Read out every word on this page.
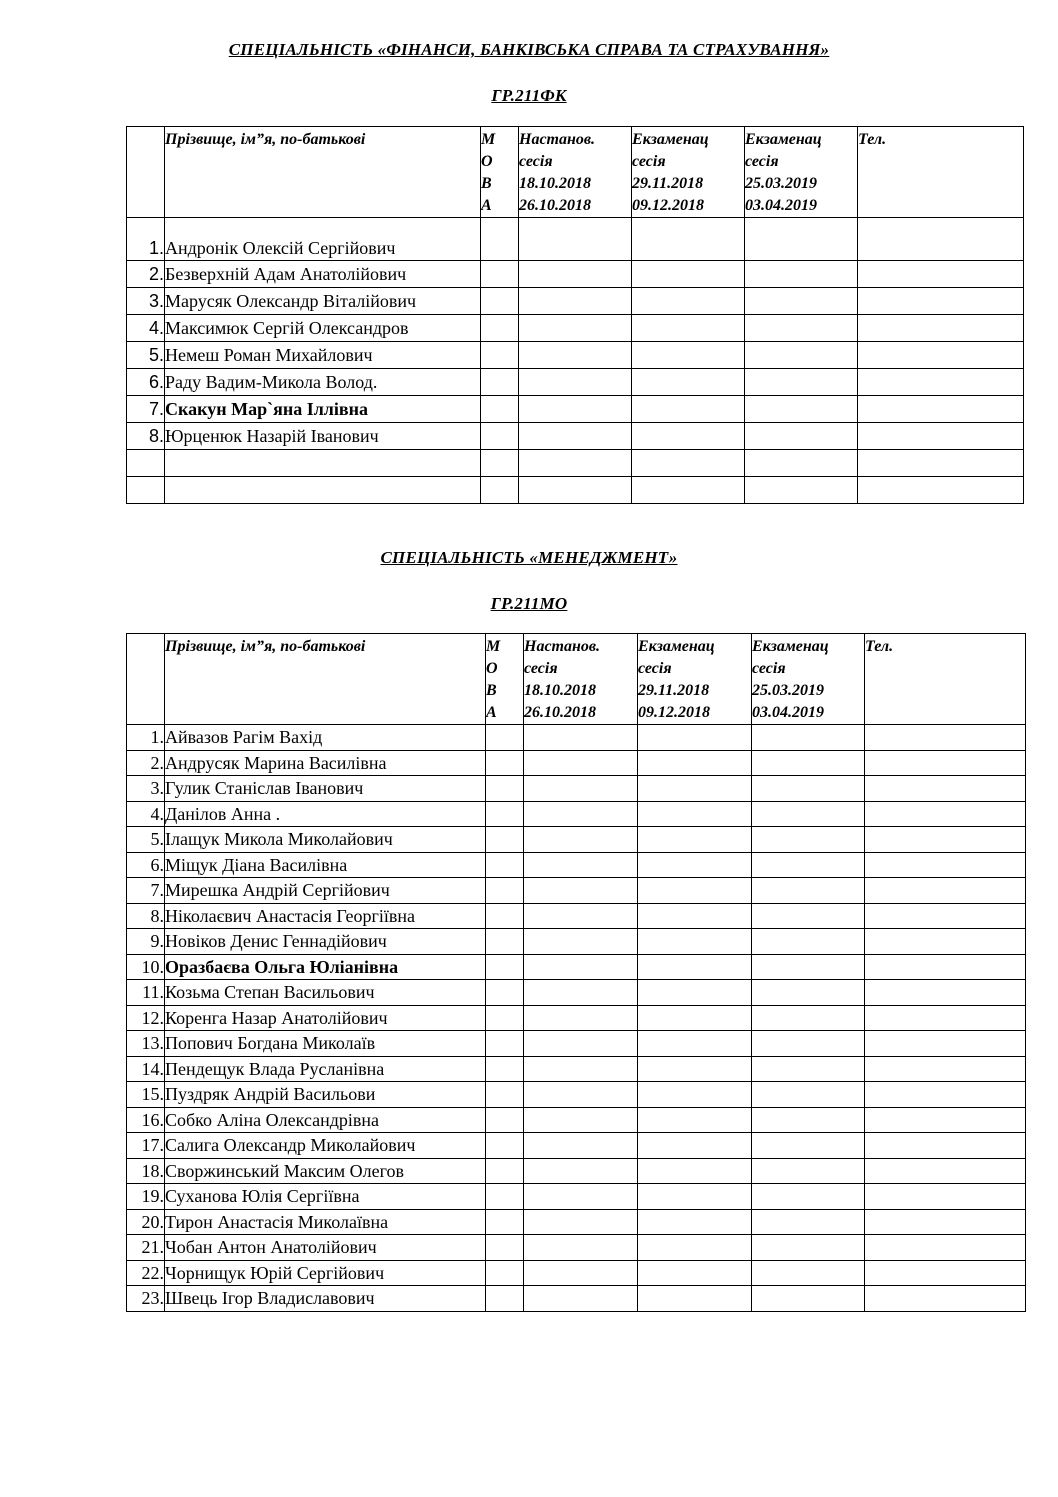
СПЕЦІАЛЬНІСТЬ «ФІНАНСИ, БАНКІВСЬКА СПРАВА ТА СТРАХУВАННЯ»
ГР.211ФК
	Прізвище, ім”я, по-батькові	М
О
В
А	Настанов.
сесія
18.10.2018
26.10.2018	Екзаменац
сесія
29.11.2018
09.12.2018	Екзаменац
сесія
25.03.2019
03.04.2019	Тел.
1.	Андронік Олексій Сергійович					
2.	Безверхній Адам Анатолійович					
3.	Марусяк Олександр Віталійович					
4.	Максимюк Сергій Олександров					
5.	Немеш Роман Михайлович					
6.	Раду Вадим-Микола Волод.					
7.	Скакун Мар`яна Іллівна					
8.	Юрценюк Назарій Іванович					

СПЕЦІАЛЬНІСТЬ «МЕНЕДЖМЕНТ»
ГР.211МО
	Прізвище, ім”я, по-батькові	М
О
В
А	Настанов.
сесія
18.10.2018
26.10.2018	Екзаменац
сесія
29.11.2018
09.12.2018	Екзаменац
сесія
25.03.2019
03.04.2019	Тел.
1.	Айвазов Рагім Вахід					
2.	Андрусяк Марина Василівна					
3.	Гулик Станіслав Іванович					
4.	Данілов Анна .					
5.	Ілащук Микола Миколайович					
6.	Міщук Діана Василівна					
7.	Мирешка Андрій Сергійович					
8.	Ніколаєвич Анастасія Георгіївна					
9.	Новіков Денис Геннадійович					
10.	Оразбаєва Ольга Юліанівна					
11.	Козьма Степан Васильович					
12.	Коренга Назар Анатолійович					
13.	Попович Богдана Миколаїв					
14.	Пендещук Влада Русланівна					
15.	Пуздряк Андрій Васильови					
16.	Собко Аліна Олександрівна					
17.	Салига Олександр Миколайович					
18.	Своржинський Максим Олегов					
19.	Суханова Юлія Сергіївна					
20.	Тирон Анастасія Миколаївна					
21.	Чобан Антон Анатолійович					
22.	Чорнищук Юрій Сергійович					
23.	Швець Ігор Владиславович					
